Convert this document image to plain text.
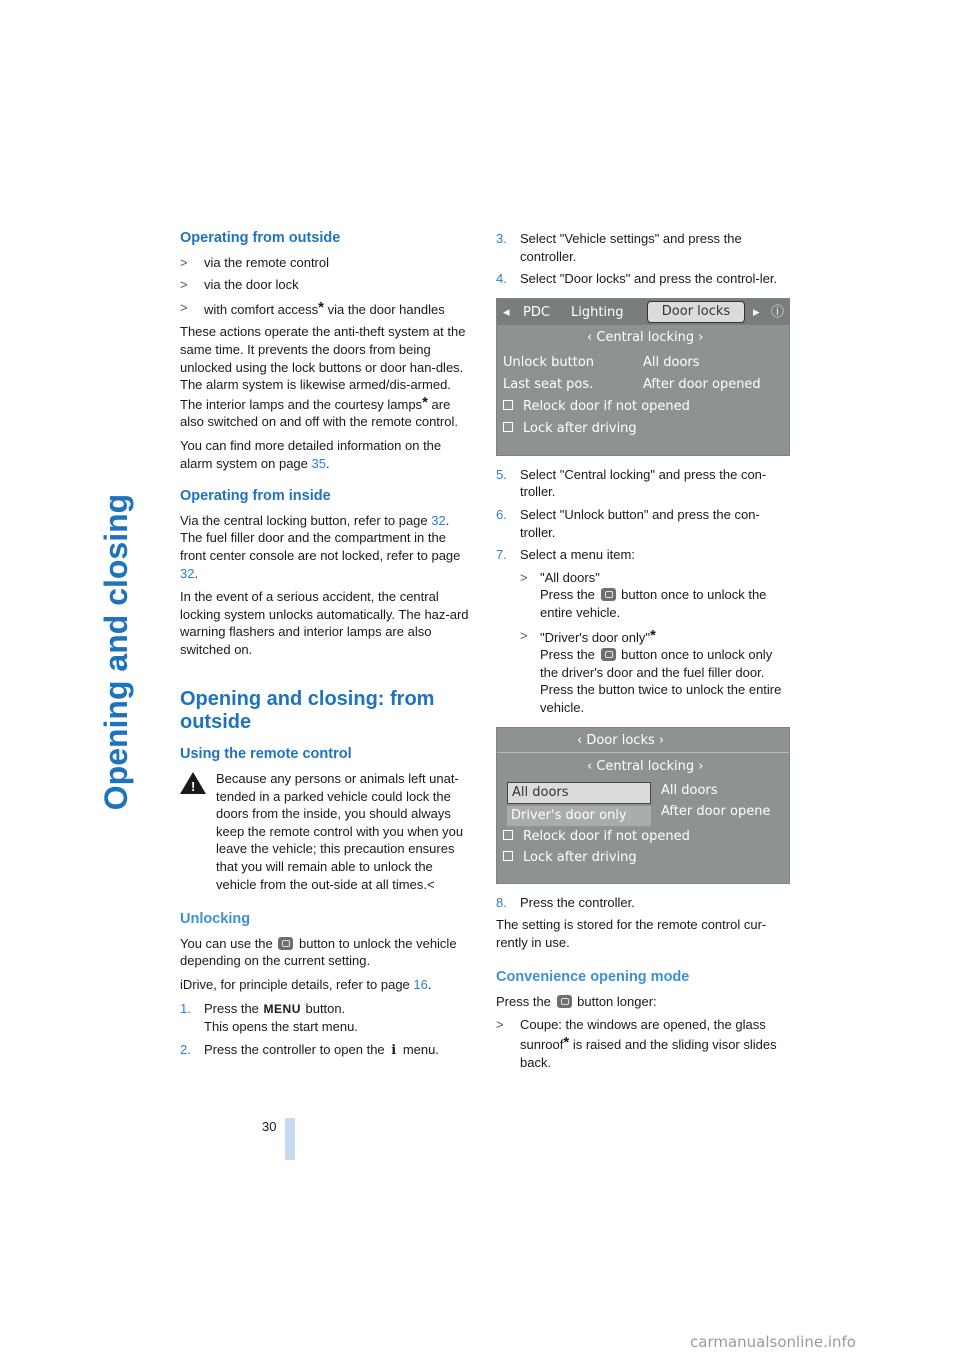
Opening and closing
Operating from outside
> via the remote control
> via the door lock
> with comfort access* via the door handles

These actions operate the anti-theft system at the same time. It prevents the doors from being unlocked using the lock buttons or door han-dles. The alarm system is likewise armed/dis-armed. The interior lamps and the courtesy lamps* are also switched on and off with the remote control.

You can find more detailed information on the alarm system on page 35.

Operating from inside

Via the central locking button, refer to page 32. The fuel filler door and the compartment in the front center console are not locked, refer to page 32.

In the event of a serious accident, the central locking system unlocks automatically. The haz-ard warning flashers and interior lamps are also switched on.

Opening and closing: from outside
Using the remote control

!
Because any persons or animals left unat-tended in a parked vehicle could lock the doors from the inside, you should always keep the remote control with you when you leave the vehicle; this precaution ensures that you will remain able to unlock the vehicle from the out-side at all times.<

Unlocking

You can use the  button to unlock the vehicle depending on the current setting.

iDrive, for principle details, refer to page 16.

1. Press the MENU button.
This opens the start menu.
2. Press the controller to open the i menu.
3. Select "Vehicle settings" and press the controller.
4. Select "Door locks" and press the control-ler.
◂ PDC Lighting	Door locks	▸ ⓘ
‹ Central locking ›
Unlock button
Last seat pos.
All doors
After door opened
Relock door if not opened
Lock after driving
5. Select "Central locking" and press the con-troller.
6. Select "Unlock button" and press the con-troller.
7. Select a menu item:
> "All doors"
Press the  button once to unlock the entire vehicle.
> "Driver's door only"*
Press the  button once to unlock only the driver's door and the fuel filler door. Press the button twice to unlock the entire vehicle.
‹ Door locks ›
‹ Central locking ›
All doors
Driver's door only
All doors
After door opene
Relock door if not opened
Lock after driving
8. Press the controller.

The setting is stored for the remote control cur-rently in use.

Convenience opening mode

Press the  button longer:

> Coupe: the windows are opened, the glass sunroof* is raised and the sliding visor slides back.
30
carmanualsonline.info
